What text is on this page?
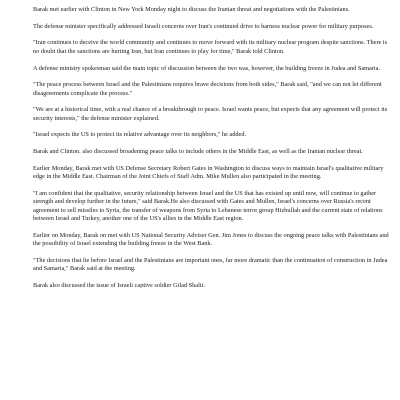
Barak met earlier with Clinton in New York Monday night to discuss the Iranian threat and negotiations with the Palestinians.

The defense minister specifically addressed Israeli concerns over Iran's continued drive to harness nuclear power for military purposes.

"Iran continues to deceive the world community and continues to move forward with its military nuclear program despite sanctions. There is no doubt that the sanctions are hurting Iran, but Iran continues to play for time," Barak told Clinton.

A defense ministry spokesman said the main topic of discussion between the two was, however, the building freeze in Judea and Samaria.

"The peace process between Israel and the Palestinians requires brave decisions from both sides," Barak said, "and we can not let different disagreements complicate the process."

"We are at a historical time, with a real chance of a breakthrough to peace. Israel wants peace, but expects that any agreement will protect its security interests," the defense minister explained.

"Israel expects the US to protect its relative advantage over its neighbors," he added.

Barak and Clinton. also discussed broadening peace talks to include others in the Middle East, as well as the Iranian nuclear threat.

Earlier Monday, Barak met with US Defense Secretary Robert Gates in Washington to discuss ways to maintain Israel's qualitative military edge in the Middle East. Chairman of the Joint Chiefs of Staff Adm. Mike Mullen also participated in the meeting.

"I am confident that the qualitative, security relationship between Israel and the US that has existed up until now, will continue to gather strength and develop further in the future," said Barak.He also discussed with Gates and Mullen, Israel's concerns over Russia's recent agreement to sell missiles to Syria, the transfer of weapons from Syria to Lebanese terror group Hizbullah and the current state of relations between Israel and Turkey, another one of the US's allies in the Middle East region.

Earlier on Monday, Barak on met with US National Security Adviser Gen. Jim Jones to discuss the ongoing peace talks with Palestinians and the possibility of Israel extending the building freeze in the West Bank.

"The decisions that lie before Israel and the Palestinians are important ones, far more dramatic than the continuation of construction in Judea and Samaria," Barak said at the meeting.

Barak also discussed the issue of Israeli captive soldier Gilad Shalit.
